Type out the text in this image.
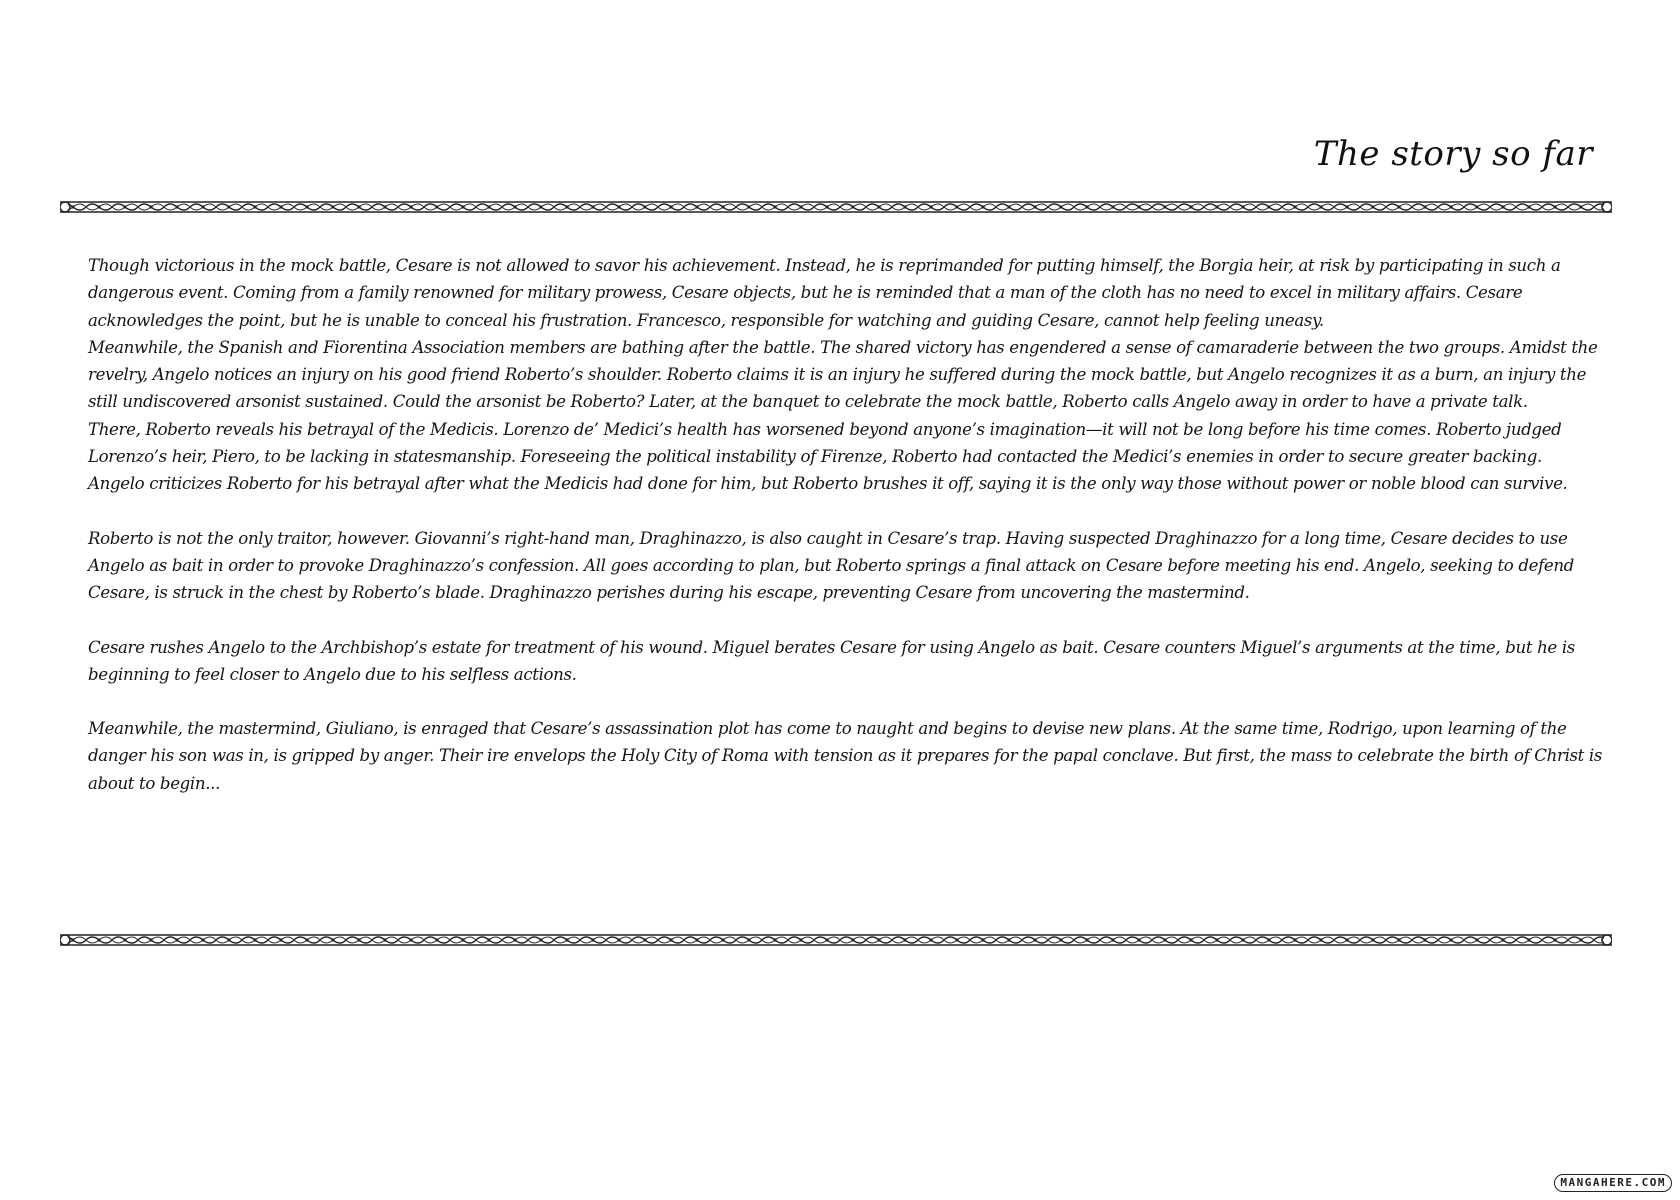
The story so far

Though victorious in the mock battle, Cesare is not allowed to savor his achievement. Instead, he is reprimanded for putting himself, the Borgia heir, at risk by participating in such a dangerous event. Coming from a family renowned for military prowess, Cesare objects, but he is reminded that a man of the cloth has no need to excel in military affairs. Cesare acknowledges the point, but he is unable to conceal his frustration. Francesco, responsible for watching and guiding Cesare, cannot help feeling uneasy.

Meanwhile, the Spanish and Fiorentina Association members are bathing after the battle. The shared victory has engendered a sense of camaraderie between the two groups. Amidst the revelry, Angelo notices an injury on his good friend Roberto’s shoulder. Roberto claims it is an injury he suffered during the mock battle, but Angelo recognizes it as a burn, an injury the still undiscovered arsonist sustained. Could the arsonist be Roberto? Later, at the banquet to celebrate the mock battle, Roberto calls Angelo away in order to have a private talk.

There, Roberto reveals his betrayal of the Medicis. Lorenzo de’ Medici’s health has worsened beyond anyone’s imagination—it will not be long before his time comes. Roberto judged Lorenzo’s heir, Piero, to be lacking in statesmanship. Foreseeing the political instability of Firenze, Roberto had contacted the Medici’s enemies in order to secure greater backing. Angelo criticizes Roberto for his betrayal after what the Medicis had done for him, but Roberto brushes it off, saying it is the only way those without power or noble blood can survive.

Roberto is not the only traitor, however. Giovanni’s right-hand man, Draghinazzo, is also caught in Cesare’s trap. Having suspected Draghinazzo for a long time, Cesare decides to use Angelo as bait in order to provoke Draghinazzo’s confession. All goes according to plan, but Roberto springs a final attack on Cesare before meeting his end. Angelo, seeking to defend Cesare, is struck in the chest by Roberto’s blade. Draghinazzo perishes during his escape, preventing Cesare from uncovering the mastermind.

Cesare rushes Angelo to the Archbishop’s estate for treatment of his wound. Miguel berates Cesare for using Angelo as bait. Cesare counters Miguel’s arguments at the time, but he is beginning to feel closer to Angelo due to his selfless actions.

Meanwhile, the mastermind, Giuliano, is enraged that Cesare’s assassination plot has come to naught and begins to devise new plans. At the same time, Rodrigo, upon learning of the danger his son was in, is gripped by anger. Their ire envelops the Holy City of Roma with tension as it prepares for the papal conclave. But first, the mass to celebrate the birth of Christ is about to begin...

MANGAHERE.COM
